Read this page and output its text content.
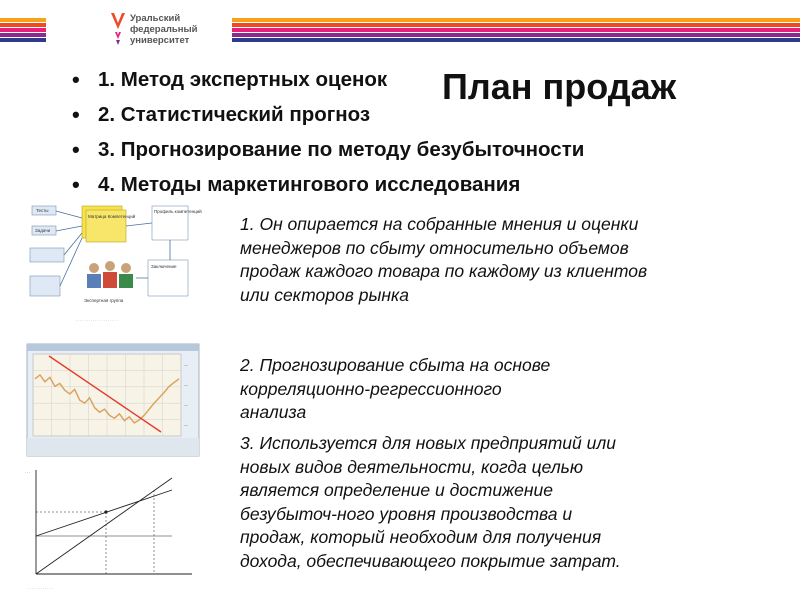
Уральский
федеральный
университет
• 1. Метод экспертных оценок
• 2. Статистический прогноз
• 3. Прогнозирование по методу безубыточности
• 4. Методы маркетингового исследования
План продаж
Тесты
Задачи
Матрица Компетенций
Профиль компетенций
Заключение
Экспертная группа
· · · · · · · · · · · · · · · · · · · ·
—
—
—
—
· · ·
· · · · · · · · · · · ·
1. Он опирается на собранные мнения и оценки
менеджеров по сбыту относительно объемов
продаж каждого товара по каждому из клиентов
или секторов рынка
2. Прогнозирование сбыта на основе
корреляционно-регрессионного
анализа
3. Используется для новых предприятий или
новых видов деятельности, когда целью
является определение и достижение
безубыточ-ного уровня производства и
продаж, который необходим для получения
дохода, обеспечивающего покрытие затрат.
